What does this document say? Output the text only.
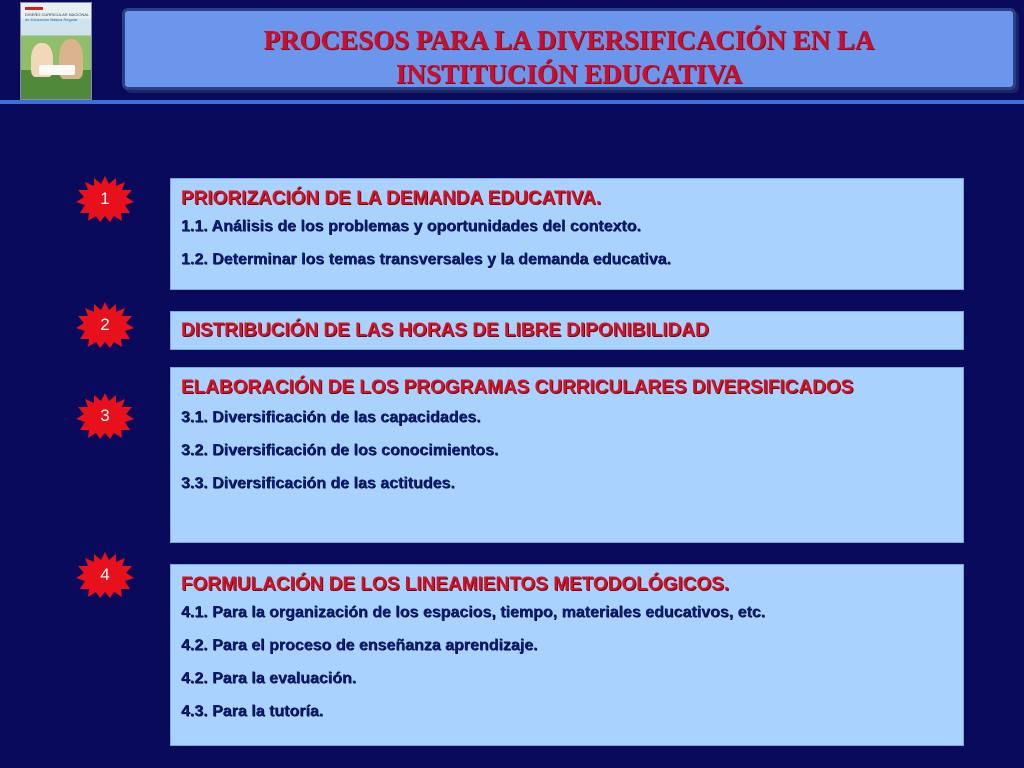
DISEÑO CURRICULAR NACIONAL
de Educación Básica Regular
PROCESOS PARA LA DIVERSIFICACIÓN EN LA
INSTITUCIÓN EDUCATIVA
1	PRIORIZACIÓN DE LA DEMANDA EDUCATIVA.
1.1. Análisis de los problemas y oportunidades del contexto.
1.2. Determinar los temas transversales y la demanda educativa.
2	DISTRIBUCIÓN DE LAS HORAS DE LIBRE DIPONIBILIDAD
3
ELABORACIÓN DE LOS PROGRAMAS CURRICULARES DIVERSIFICADOS
3.1. Diversificación de las capacidades.
3.2. Diversificación de los conocimientos.
3.3. Diversificación de las actitudes.
4	FORMULACIÓN DE LOS LINEAMIENTOS METODOLÓGICOS.
4.1. Para la organización de los espacios, tiempo, materiales educativos, etc.
4.2. Para el proceso de enseñanza aprendizaje.
4.2. Para la evaluación.
4.3. Para la tutoría.
